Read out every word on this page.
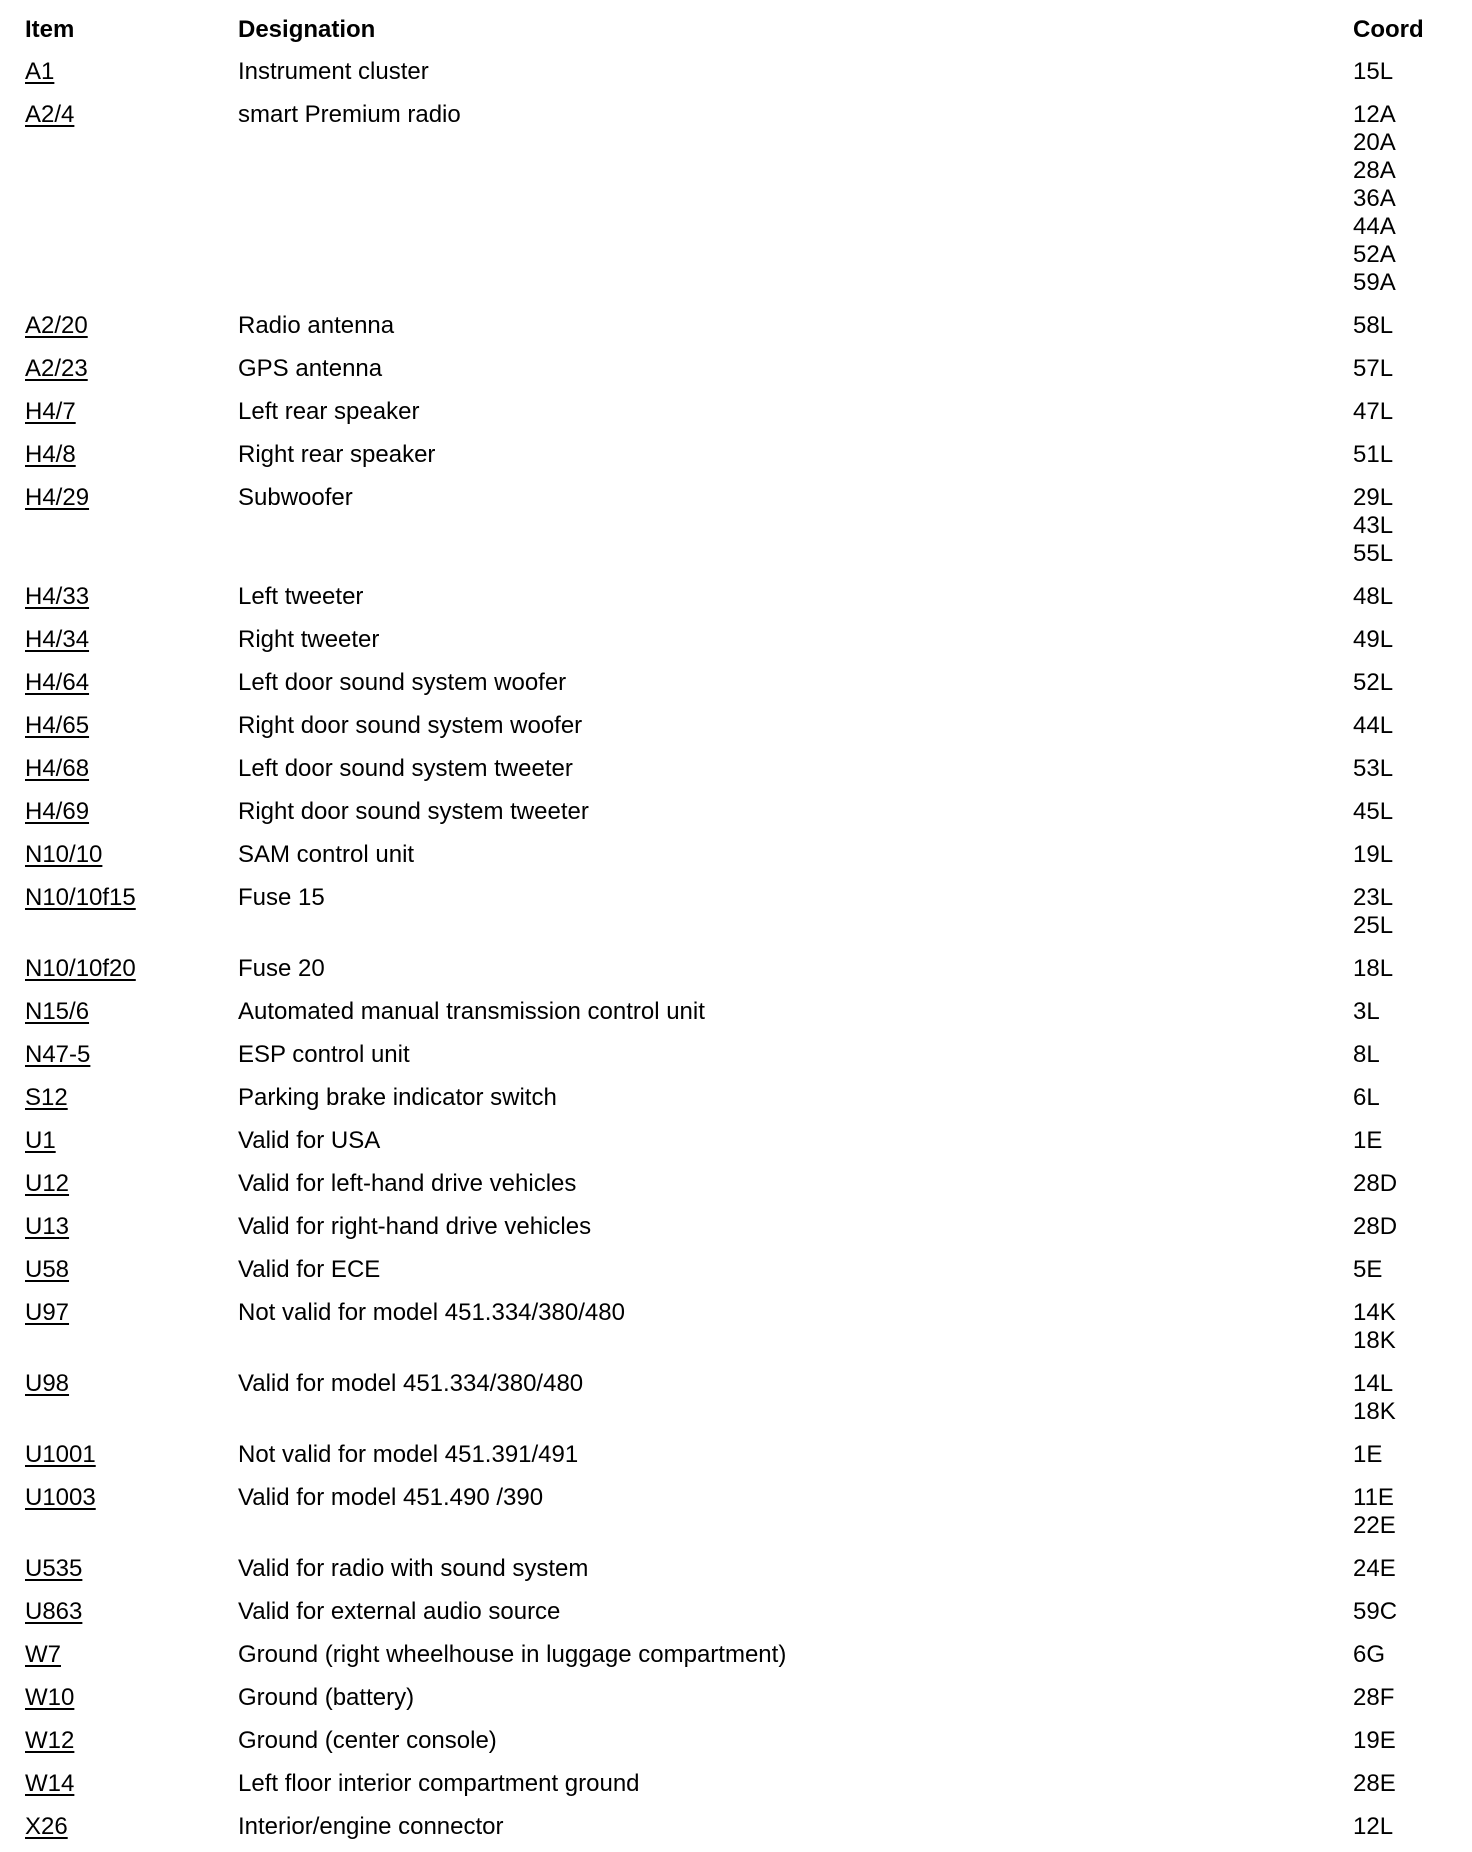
Item	Designation	Coord
A1	Instrument cluster	15L
A2/4	smart Premium radio	12A
20A
28A
36A
44A
52A
59A
A2/20	Radio antenna	58L
A2/23	GPS antenna	57L
H4/7	Left rear speaker	47L
H4/8	Right rear speaker	51L
H4/29	Subwoofer	29L
43L
55L
H4/33	Left tweeter	48L
H4/34	Right tweeter	49L
H4/64	Left door sound system woofer	52L
H4/65	Right door sound system woofer	44L
H4/68	Left door sound system tweeter	53L
H4/69	Right door sound system tweeter	45L
N10/10	SAM control unit	19L
N10/10f15	Fuse 15	23L
25L
N10/10f20	Fuse 20	18L
N15/6	Automated manual transmission control unit	3L
N47-5	ESP control unit	8L
S12	Parking brake indicator switch	6L
U1	Valid for USA	1E
U12	Valid for left-hand drive vehicles	28D
U13	Valid for right-hand drive vehicles	28D
U58	Valid for ECE	5E
U97	Not valid for model 451.334/380/480	14K
18K
U98	Valid for model 451.334/380/480	14L
18K
U1001	Not valid for model 451.391/491	1E
U1003	Valid for model 451.490 /390	11E
22E
U535	Valid for radio with sound system	24E
U863	Valid for external audio source	59C
W7	Ground (right wheelhouse in luggage compartment)	6G
W10	Ground (battery)	28F
W12	Ground (center console)	19E
W14	Left floor interior compartment ground	28E
X26	Interior/engine connector	12L
